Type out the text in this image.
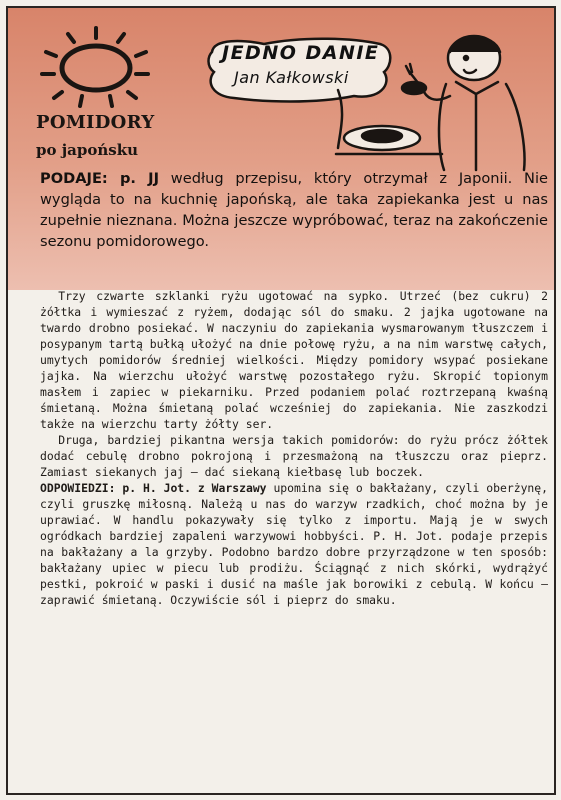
POMIDORY
po japońsku
JEDNO DANIE
Jan Kałkowski
PODAJE: p. JJ według przepisu, który otrzymał z Japonii. Nie wygląda to na kuchnię japońską, ale taka zapiekanka jest u nas zupełnie nieznana. Można jeszcze wypróbować, teraz na zakończenie sezonu pomidorowego.

Trzy czwarte szklanki ryżu ugotować na sypko. Utrzeć (bez cukru) 2 żółtka i wymieszać z ryżem, dodając sól do smaku. 2 jajka ugotowane na twardo drobno posiekać. W naczyniu do zapiekania wysmarowanym tłuszczem i posypanym tartą bułką ułożyć na dnie połowę ryżu, a na nim warstwę całych, umytych pomidorów średniej wielkości. Między pomidory wsypać posiekane jajka. Na wierzchu ułożyć warstwę pozostałego ryżu. Skropić topionym masłem i zapiec w piekarniku. Przed podaniem polać roztrzepaną kwaśną śmietaną. Można śmietaną polać wcześniej do zapiekania. Nie zaszkodzi także na wierzchu tarty żółty ser.

Druga, bardziej pikantna wersja takich pomidorów: do ryżu prócz żółtek dodać cebulę drobno pokrojoną i przesmażoną na tłuszczu oraz pieprz. Zamiast siekanych jaj — dać siekaną kiełbasę lub boczek.

ODPOWIEDZI: p. H. Jot. z Warszawy upomina się o bakłażany, czyli oberżynę, czyli gruszkę miłosną. Należą u nas do warzyw rzadkich, choć można by je uprawiać. W handlu pokazywały się tylko z importu. Mają je w swych ogródkach bardziej zapaleni warzywowi hobbyści. P. H. Jot. podaje przepis na bakłażany a la grzyby. Podobno bardzo dobre przyrządzone w ten sposób: bakłażany upiec w piecu lub prodiżu. Ściągnąć z nich skórki, wydrążyć pestki, pokroić w paski i dusić na maśle jak borowiki z cebulą. W końcu — zaprawić śmietaną. Oczywiście sól i pieprz do smaku.
